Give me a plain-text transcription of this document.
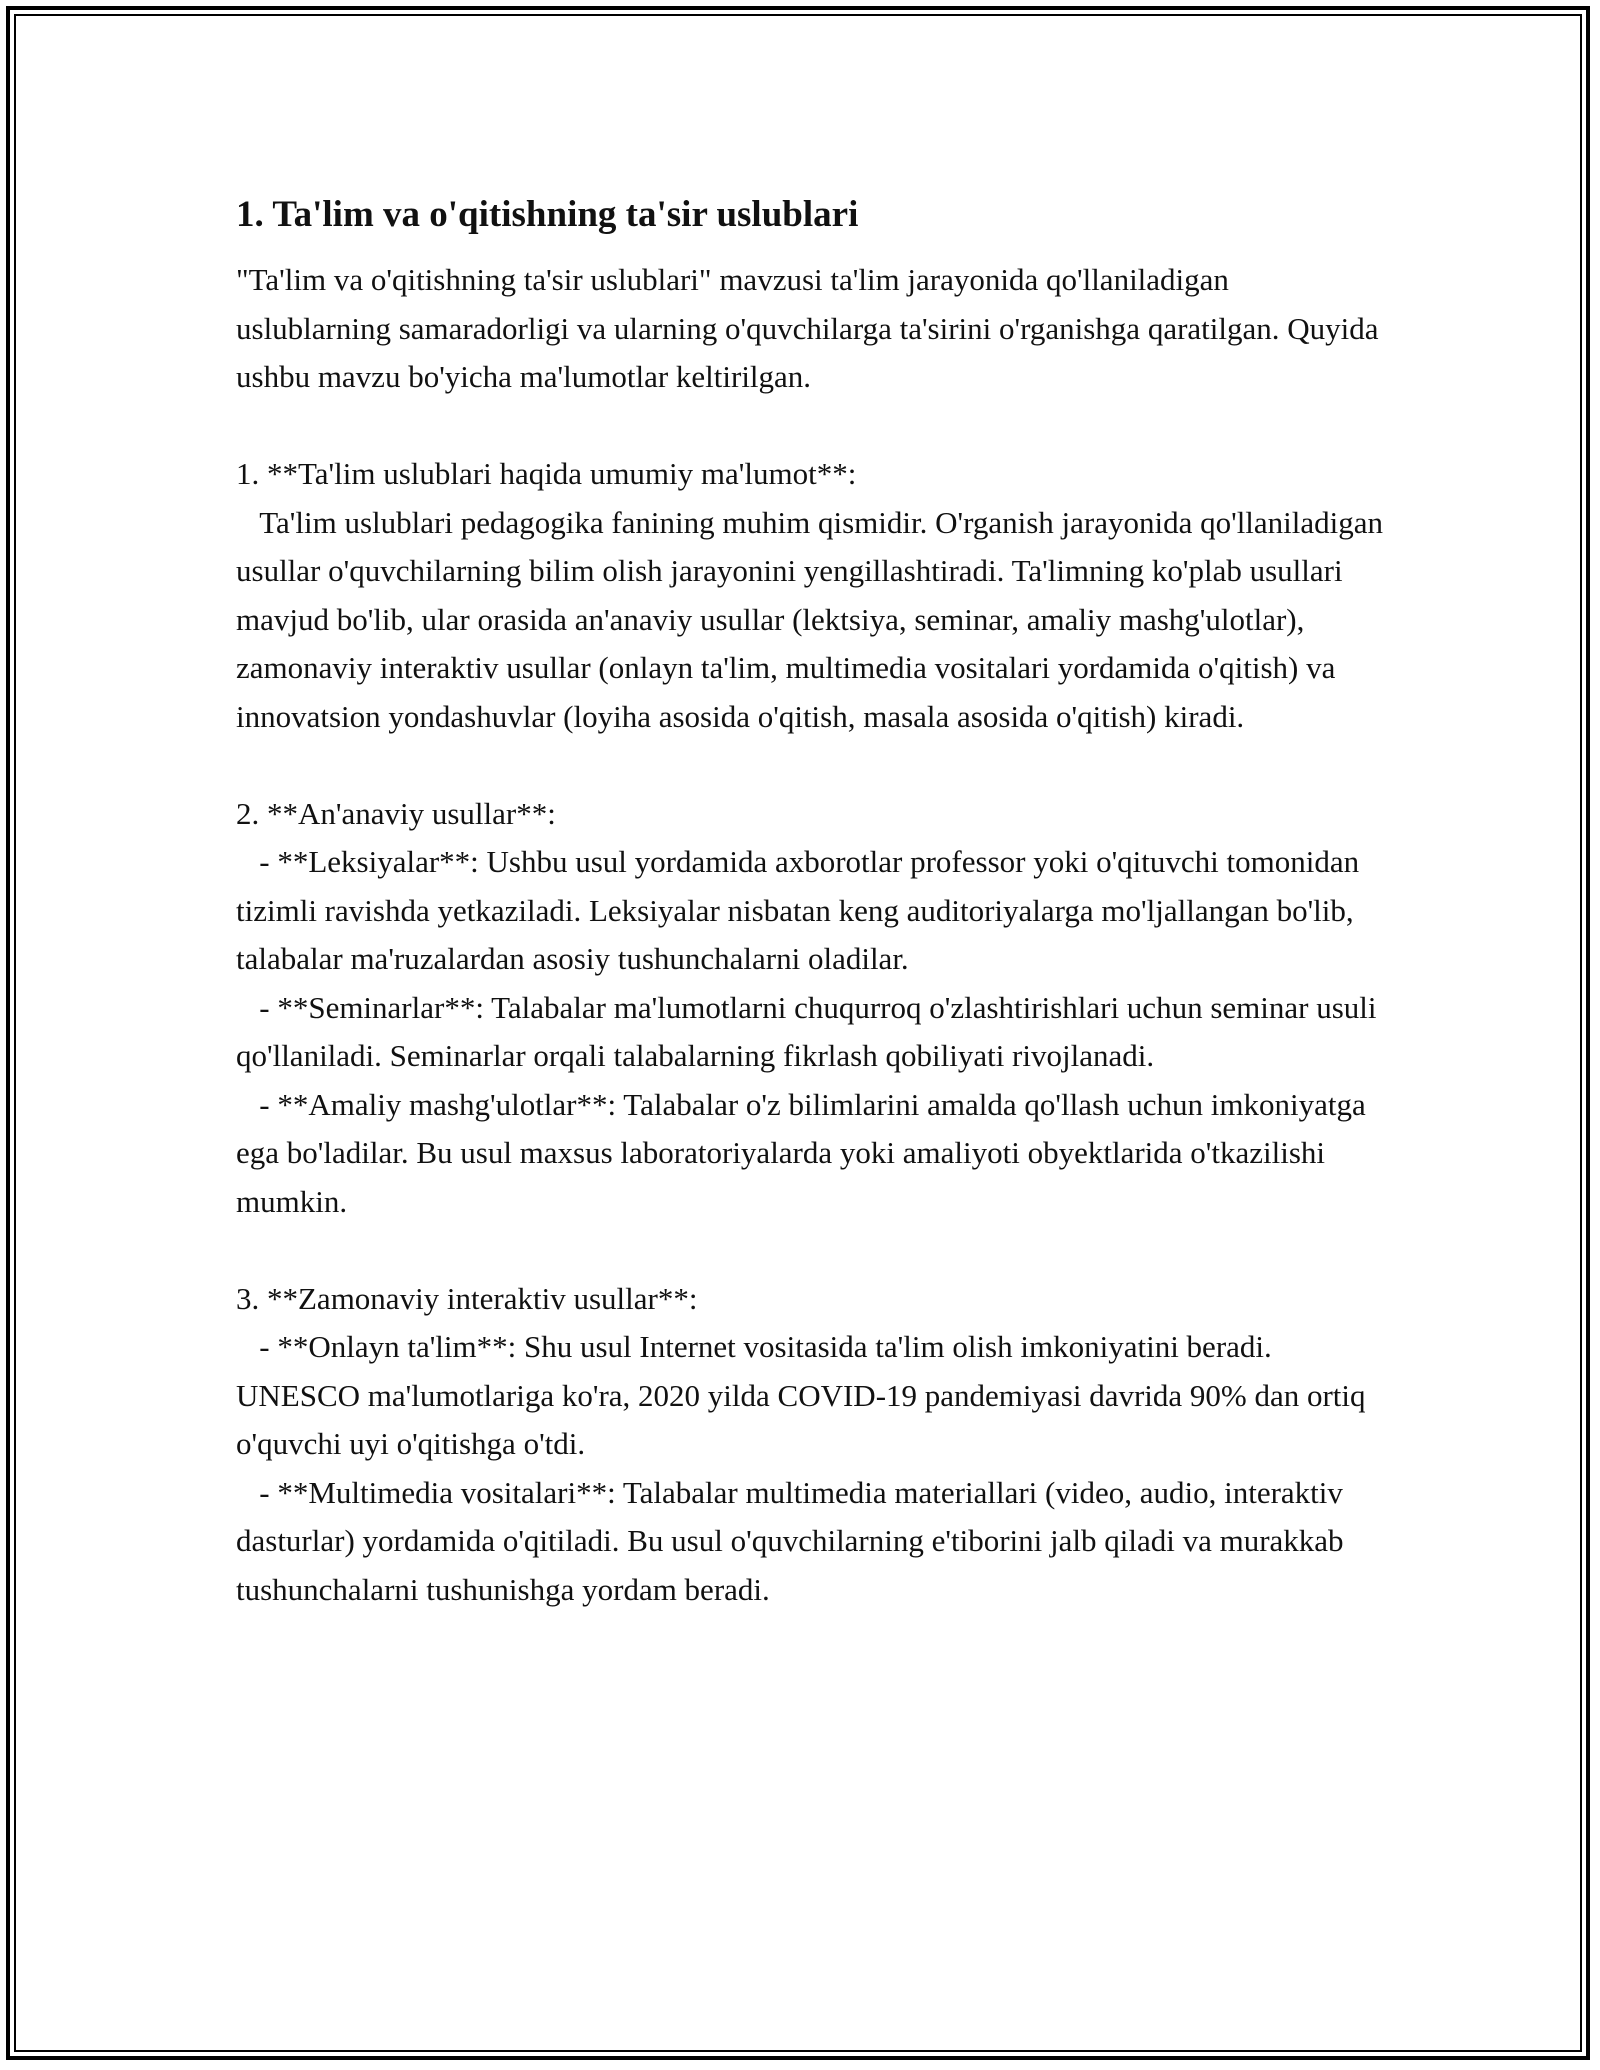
1. Ta'lim va o'qitishning ta'sir uslublari

"Ta'lim va o'qitishning ta'sir uslublari" mavzusi ta'lim jarayonida qo'llaniladigan uslublarning samaradorligi va ularning o'quvchilarga ta'sirini o'rganishga qaratilgan. Quyida ushbu mavzu bo'yicha ma'lumotlar keltirilgan.

1. **Ta'lim uslublari haqida umumiy ma'lumot**:

Ta'lim uslublari pedagogika fanining muhim qismidir. O'rganish jarayonida qo'llaniladigan usullar o'quvchilarning bilim olish jarayonini yengillashtiradi. Ta'limning ko'plab usullari mavjud bo'lib, ular orasida an'anaviy usullar (lektsiya, seminar, amaliy mashg'ulotlar), zamonaviy interaktiv usullar (onlayn ta'lim, multimedia vositalari yordamida o'qitish) va innovatsion yondashuvlar (loyiha asosida o'qitish, masala asosida o'qitish) kiradi.

2. **An'anaviy usullar**:

- **Leksiyalar**: Ushbu usul yordamida axborotlar professor yoki o'qituvchi tomonidan tizimli ravishda yetkaziladi. Leksiyalar nisbatan keng auditoriyalarga mo'ljallangan bo'lib, talabalar ma'ruzalardan asosiy tushunchalarni oladilar.

- **Seminarlar**: Talabalar ma'lumotlarni chuqurroq o'zlashtirishlari uchun seminar usuli qo'llaniladi. Seminarlar orqali talabalarning fikrlash qobiliyati rivojlanadi.

- **Amaliy mashg'ulotlar**: Talabalar o'z bilimlarini amalda qo'llash uchun imkoniyatga ega bo'ladilar. Bu usul maxsus laboratoriyalarda yoki amaliyoti obyektlarida o'tkazilishi mumkin.

3. **Zamonaviy interaktiv usullar**:

- **Onlayn ta'lim**: Shu usul Internet vositasida ta'lim olish imkoniyatini beradi. UNESCO ma'lumotlariga ko'ra, 2020 yilda COVID-19 pandemiyasi davrida 90% dan ortiq o'quvchi uyi o'qitishga o'tdi.

- **Multimedia vositalari**: Talabalar multimedia materiallari (video, audio, interaktiv dasturlar) yordamida o'qitiladi. Bu usul o'quvchilarning e'tiborini jalb qiladi va murakkab tushunchalarni tushunishga yordam beradi.
